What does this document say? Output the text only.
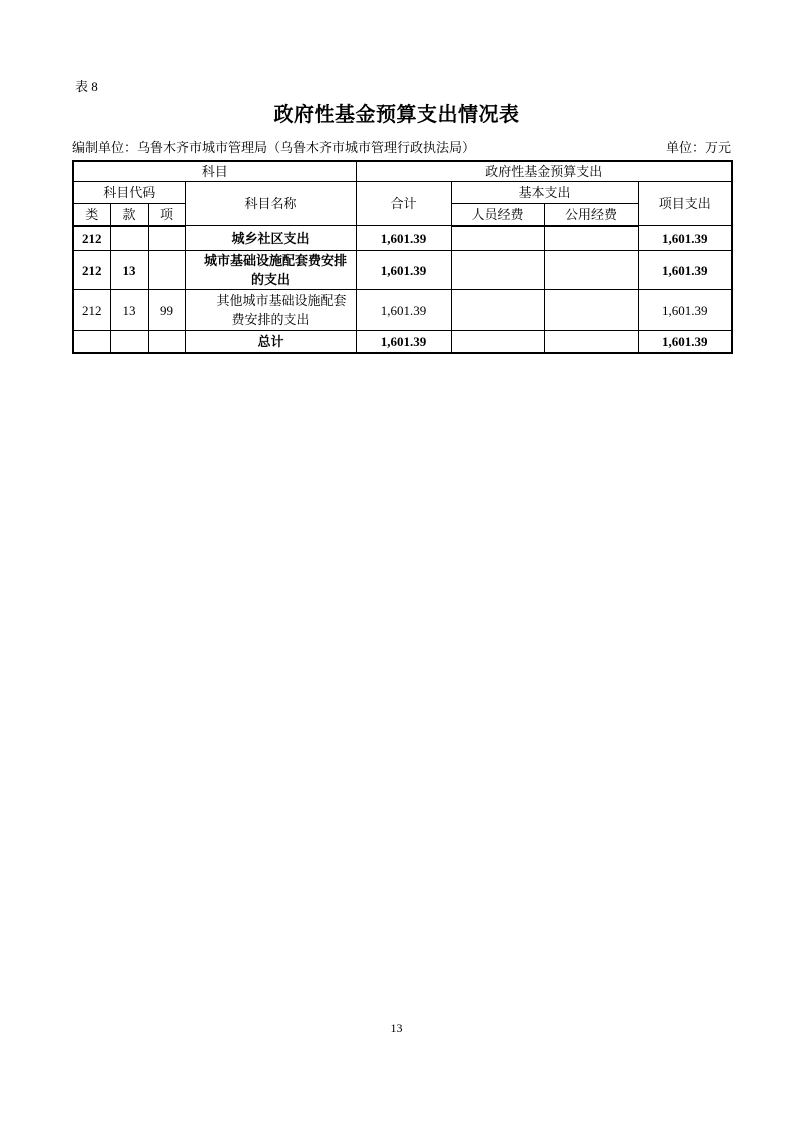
表 8
政府性基金预算支出情况表
编制单位：乌鲁木齐市城市管理局（乌鲁木齐市城市管理行政执法局）	单位：万元
科目				政府性基金预算支出			
科目代码			科目名称	合计	基本支出		项目支出
类	款	项			人员经费	公用经费	
212			城乡社区支出	1,601.39			1,601.39
212	13		城市基础设施配套费安排的支出	1,601.39			1,601.39
212	13	99	其他城市基础设施配套费安排的支出	1,601.39			1,601.39
			总计	1,601.39			1,601.39
13
